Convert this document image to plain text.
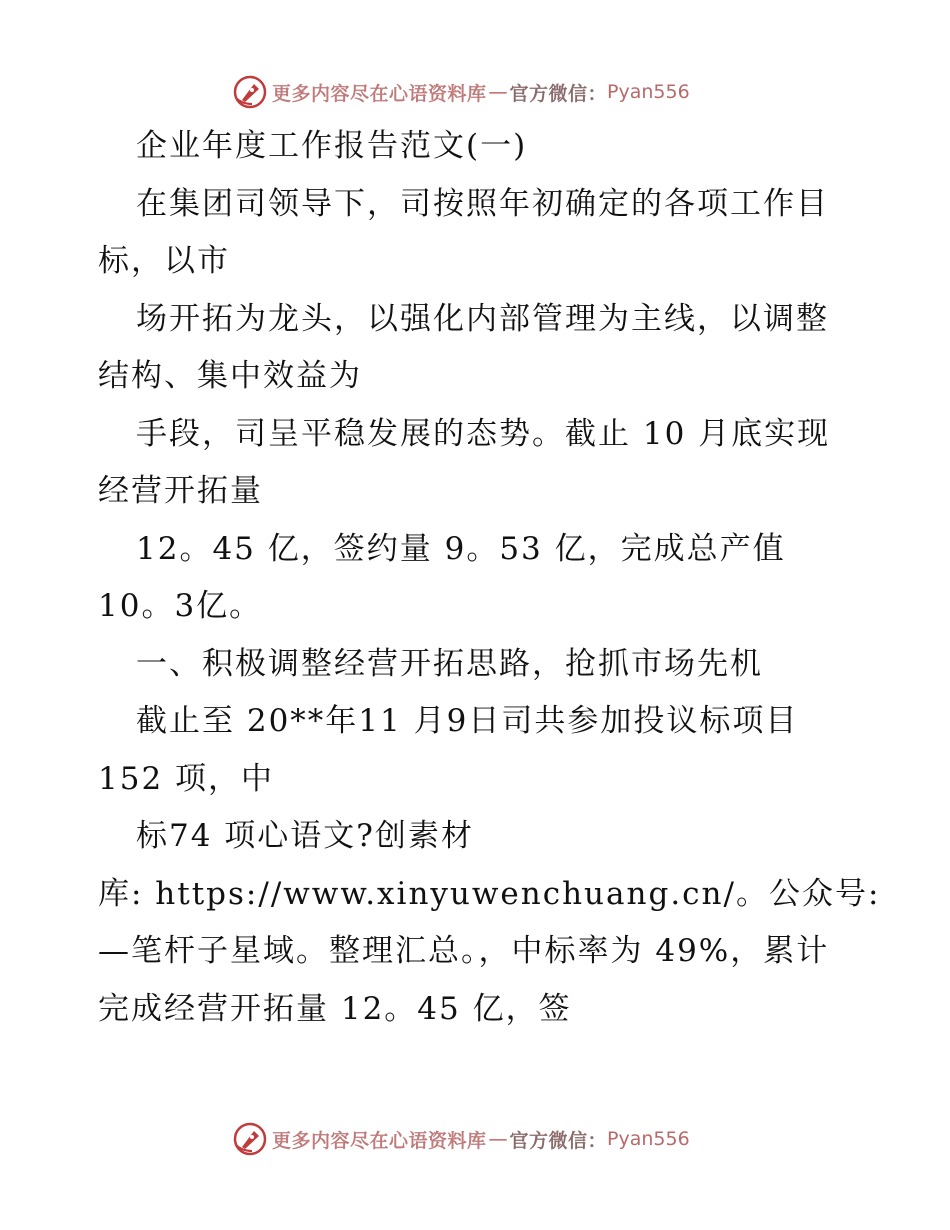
更多内容尽在心语资料库 — 官方微信： Pyan556
企业年度工作报告范文(一)
在集团司领导下，司按照年初确定的各项工作目
标，以市
场开拓为龙头，以强化内部管理为主线，以调整
结构、集中效益为
手段，司呈平稳发展的态势。截止 10 月底实现
经营开拓量
12。45 亿，签约量 9。53 亿，完成总产值
10。3亿。
一、积极调整经营开拓思路，抢抓市场先机
截止至 20**年11 月9日司共参加投议标项目
152 项，中
标74 项心语文?创素材
库: https://www.xinyuwenchuang.cn/。公众号:
—笔杆子星域。整理汇总。，中标率为 49%，累计
完成经营开拓量 12。45 亿，签
更多内容尽在心语资料库 — 官方微信： Pyan556
